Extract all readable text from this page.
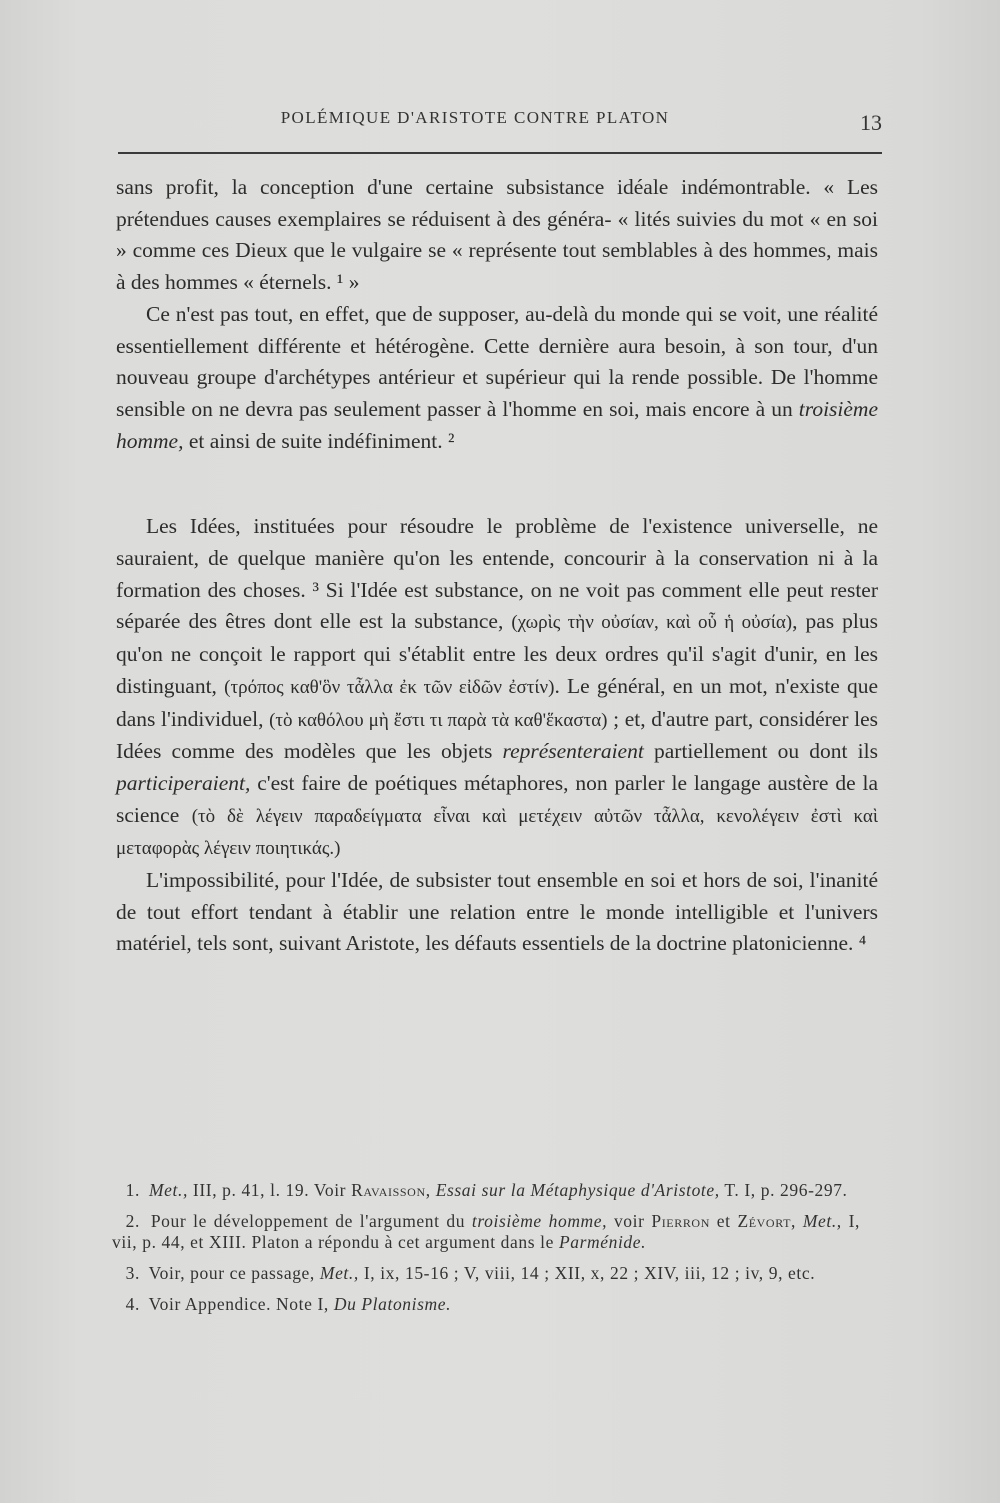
POLÉMIQUE D'ARISTOTE CONTRE PLATON	13

sans profit, la conception d'une certaine subsistance idéale indémontrable. « Les prétendues causes exemplaires se réduisent à des généra- « lités suivies du mot « en soi » comme ces Dieux que le vulgaire se « représente tout semblables à des hommes, mais à des hommes « éternels. ¹ »

Ce n'est pas tout, en effet, que de supposer, au-delà du monde qui se voit, une réalité essentiellement différente et hétérogène. Cette dernière aura besoin, à son tour, d'un nouveau groupe d'archétypes antérieur et supérieur qui la rende possible. De l'homme sensible on ne devra pas seulement passer à l'homme en soi, mais encore à un troisième homme, et ainsi de suite indéfiniment. ²

Les Idées, instituées pour résoudre le problème de l'existence universelle, ne sauraient, de quelque manière qu'on les entende, concourir à la conservation ni à la formation des choses. ³ Si l'Idée est substance, on ne voit pas comment elle peut rester séparée des êtres dont elle est la substance, (χωρὶς τὴν οὐσίαν, καὶ οὗ ἡ οὐσία), pas plus qu'on ne conçoit le rapport qui s'établit entre les deux ordres qu'il s'agit d'unir, en les distinguant, (τρόπος καθ'ὃν τἆλλα ἐκ τῶν εἰδῶν ἐστίν). Le général, en un mot, n'existe que dans l'individuel, (τὸ καθόλου μὴ ἔστι τι παρὰ τὰ καθ'ἕκαστα) ; et, d'autre part, considérer les Idées comme des modèles que les objets représenteraient partiellement ou dont ils participeraient, c'est faire de poétiques métaphores, non parler le langage austère de la science (τὸ δὲ λέγειν παραδείγματα εἶναι καὶ μετέχειν αὐτῶν τἆλλα, κενολέγειν ἐστὶ καὶ μεταφορὰς λέγειν ποιητικάς.)

L'impossibilité, pour l'Idée, de subsister tout ensemble en soi et hors de soi, l'inanité de tout effort tendant à établir une relation entre le monde intelligible et l'univers matériel, tels sont, suivant Aristote, les défauts essentiels de la doctrine platonicienne. ⁴

1. Met., III, p. 41, l. 19. Voir Ravaisson, Essai sur la Métaphysique d'Aristote, T. I, p. 296-297.

2. Pour le développement de l'argument du troisième homme, voir Pierron et Zévort, Met., I, vii, p. 44, et XIII. Platon a répondu à cet argument dans le Parménide.

3. Voir, pour ce passage, Met., I, ix, 15-16 ; V, viii, 14 ; XII, x, 22 ; XIV, iii, 12 ; iv, 9, etc.

4. Voir Appendice. Note I, Du Platonisme.
